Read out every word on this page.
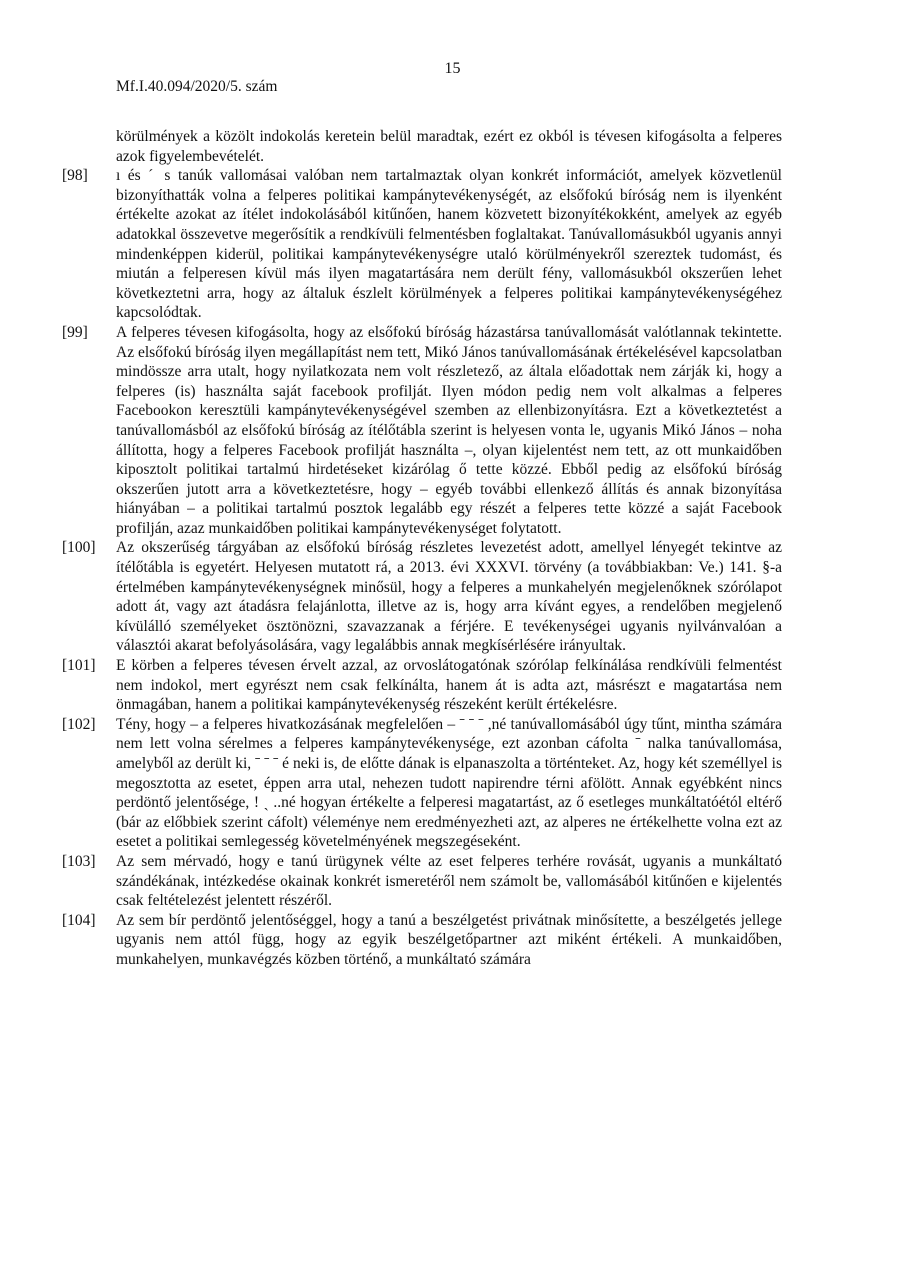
15
Mf.I.40.094/2020/5. szám

körülmények a közölt indokolás keretein belül maradtak, ezért ez okból is tévesen kifogásolta a felperes azok figyelembevételét.

[98]	ı és ˊ s tanúk vallomásai valóban nem tartalmaztak olyan konkrét információt, amelyek közvetlenül bizonyíthatták volna a felperes politikai kampánytevékenységét, az elsőfokú bíróság nem is ilyenként értékelte azokat az ítélet indokolásából kitűnően, hanem közvetett bizonyítékokként, amelyek az egyéb adatokkal összevetve megerősítik a rendkívüli felmentésben foglaltakat. Tanúvallomásukból ugyanis annyi mindenképpen kiderül, politikai kampánytevékenységre utaló körülményekről szereztek tudomást, és miután a felperesen kívül más ilyen magatartására nem derült fény, vallomásukból okszerűen lehet következtetni arra, hogy az általuk észlelt körülmények a felperes politikai kampánytevékenységéhez kapcsolódtak.

[99]	A felperes tévesen kifogásolta, hogy az elsőfokú bíróság házastársa tanúvallomását valótlannak tekintette. Az elsőfokú bíróság ilyen megállapítást nem tett, Mikó János tanúvallomásának értékelésével kapcsolatban mindössze arra utalt, hogy nyilatkozata nem volt részletező, az általa előadottak nem zárják ki, hogy a felperes (is) használta saját facebook profilját. Ilyen módon pedig nem volt alkalmas a felperes Facebookon keresztüli kampánytevékenységével szemben az ellenbizonyításra. Ezt a következtetést a tanúvallomásból az elsőfokú bíróság az ítélőtábla szerint is helyesen vonta le, ugyanis Mikó János – noha állította, hogy a felperes Facebook profilját használta –, olyan kijelentést nem tett, az ott munkaidőben kiposztolt politikai tartalmú hirdetéseket kizárólag ő tette közzé. Ebből pedig az elsőfokú bíróság okszerűen jutott arra a következtetésre, hogy – egyéb további ellenkező állítás és annak bizonyítása hiányában – a politikai tartalmú posztok legalább egy részét a felperes tette közzé a saját Facebook profilján, azaz munkaidőben politikai kampánytevékenységet folytatott.

[100]	Az okszerűség tárgyában az elsőfokú bíróság részletes levezetést adott, amellyel lényegét tekintve az ítélőtábla is egyetért. Helyesen mutatott rá, a 2013. évi XXXVI. törvény (a továbbiakban: Ve.) 141. §-a értelmében kampánytevékenységnek minősül, hogy a felperes a munkahelyén megjelenőknek szórólapot adott át, vagy azt átadásra felajánlotta, illetve az is, hogy arra kívánt egyes, a rendelőben megjelenő kívülálló személyeket ösztönözni, szavazzanak a férjére. E tevékenységei ugyanis nyilvánvalóan a választói akarat befolyásolására, vagy legalábbis annak megkísérlésére irányultak.

[101]	E körben a felperes tévesen érvelt azzal, az orvoslátogatónak szórólap felkínálása rendkívüli felmentést nem indokol, mert egyrészt nem csak felkínálta, hanem át is adta azt, másrészt e magatartása nem önmagában, hanem a politikai kampánytevékenység részeként került értékelésre.

[102]	Tény, hogy – a felperes hivatkozásának megfelelően – ˉ ˉ ˉ ,né tanúvallomásából úgy tűnt, mintha számára nem lett volna sérelmes a felperes kampánytevékenysége, ezt azonban cáfolta ˉ nalka tanúvallomása, amelyből az derült ki, ˉ ˉ ˉ é neki is, de előtte dának is elpanaszolta a történteket. Az, hogy két személlyel is megosztotta az esetet, éppen arra utal, nehezen tudott napirendre térni afölött. Annak egyébként nincs perdöntő jelentősége, ! ˏ ..né hogyan értékelte a felperesi magatartást, az ő esetleges munkáltatóétól eltérő (bár az előbbiek szerint cáfolt) véleménye nem eredményezheti azt, az alperes ne értékelhette volna ezt az esetet a politikai semlegesség követelményének megszegéseként.

[103]	Az sem mérvadó, hogy e tanú ürügynek vélte az eset felperes terhére rovását, ugyanis a munkáltató szándékának, intézkedése okainak konkrét ismeretéről nem számolt be, vallomásából kitűnően e kijelentés csak feltételezést jelentett részéről.

[104]	Az sem bír perdöntő jelentőséggel, hogy a tanú a beszélgetést privátnak minősítette, a beszélgetés jellege ugyanis nem attól függ, hogy az egyik beszélgetőpartner azt miként értékeli. A munkaidőben, munkahelyen, munkavégzés közben történő, a munkáltató számára
